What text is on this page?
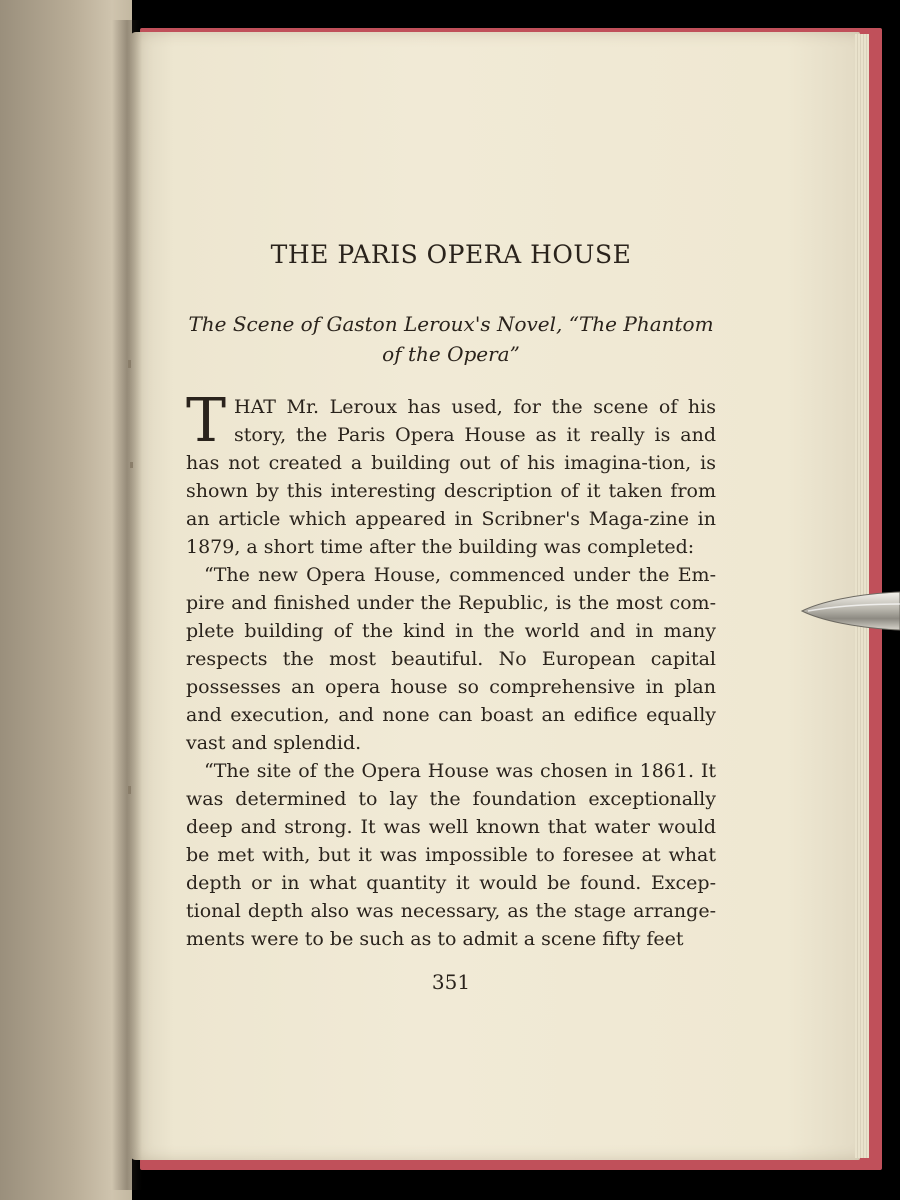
THE PARIS OPERA HOUSE
The Scene of Gaston Leroux's Novel, “The Phantom
of the Opera”

THAT Mr. Leroux has used, for the scene of his story, the Paris Opera House as it really is and has not created a building out of his imagina-tion, is shown by this interesting description of it taken from an article which appeared in Scribner's Maga-zine in 1879, a short time after the building was completed:

“The new Opera House, commenced under the Em-pire and finished under the Republic, is the most com-plete building of the kind in the world and in many respects the most beautiful. No European capital possesses an opera house so comprehensive in plan and execution, and none can boast an edifice equally vast and splendid.

“The site of the Opera House was chosen in 1861. It was determined to lay the foundation exceptionally deep and strong. It was well known that water would be met with, but it was impossible to foresee at what depth or in what quantity it would be found. Excep-tional depth also was necessary, as the stage arrange-ments were to be such as to admit a scene fifty feet

351
